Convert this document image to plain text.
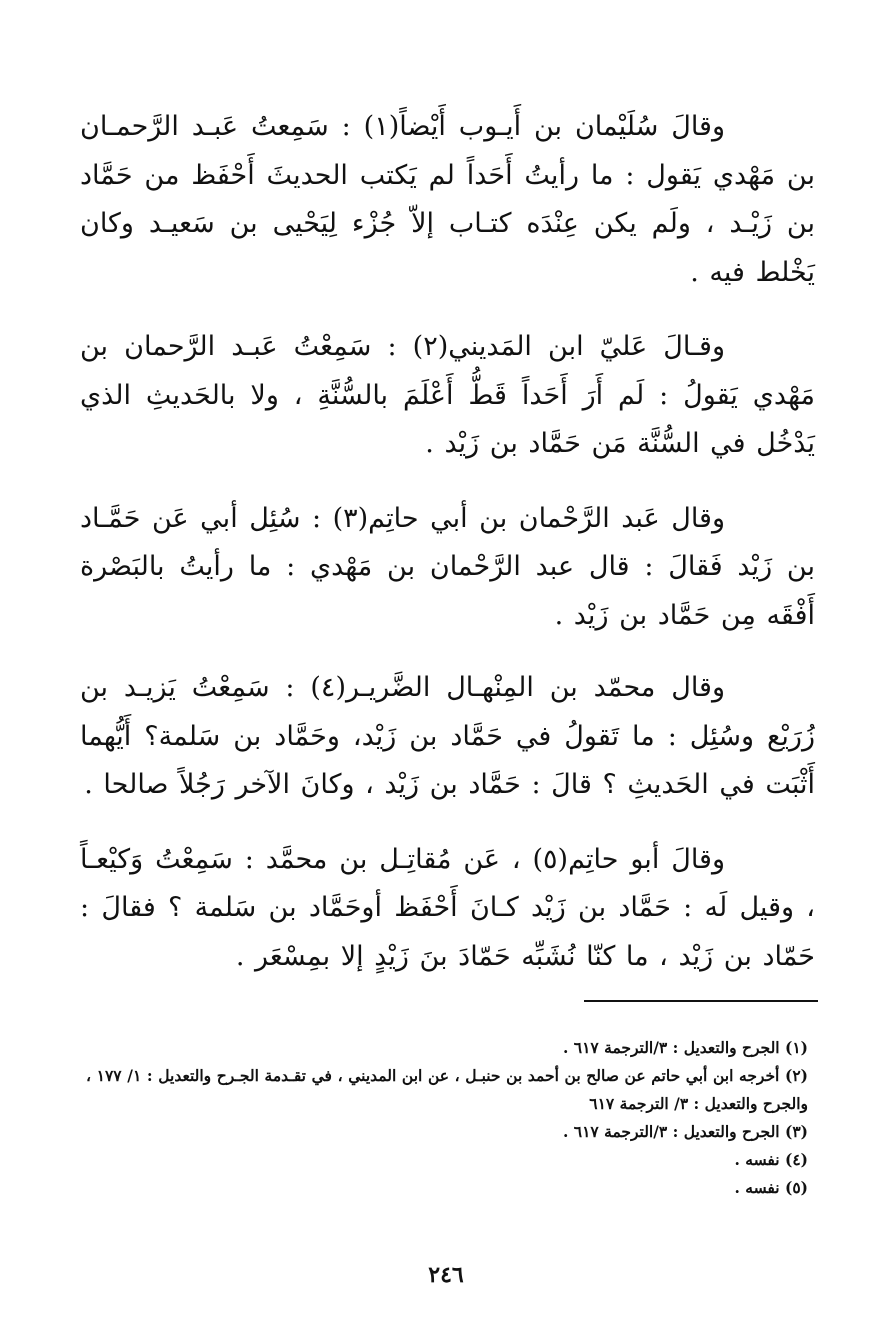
وقالَ سُلَيْمان بن أَيـوب أَيْضاً(١) : سَمِعتُ عَبـد الرَّحمـان بن مَهْدي يَقول : ما رأيتُ أَحَداً لم يَكتب الحديثَ أَحْفَظ من حَمَّاد بن زَيْـد ، ولَم يكن عِنْدَه كتـاب إلاّ جُزْء لِيَحْيى بن سَعيـد وكان يَخْلط فيه .

وقـالَ عَليّ ابن المَديني(٢) : سَمِعْتُ عَبـد الرَّحمان بن مَهْدي يَقولُ : لَم أَرَ أَحَداً قَطُّ أَعْلَمَ بالسُّنَّةِ ، ولا بالحَديثِ الذي يَدْخُل في السُّنَّة مَن حَمَّاد بن زَيْد .

وقال عَبد الرَّحْمان بن أبي حاتِم(٣) : سُئِل أبي عَن حَمَّـاد بن زَيْد فَقالَ : قال عبد الرَّحْمان بن مَهْدي : ما رأيتُ بالبَصْرة أَفْقَه مِن حَمَّاد بن زَيْد .

وقال محمّد بن المِنْهـال الضَّريـر(٤) : سَمِعْتُ يَزيـد بن زُرَيْع وسُئِل : ما تَقولُ في حَمَّاد بن زَيْد، وحَمَّاد بن سَلمة؟ أَيُّهما أَثْبَت في الحَديثِ ؟ قالَ : حَمَّاد بن زَيْد ، وكانَ الآخر رَجُلاً صالحا .

وقالَ أبو حاتِم(٥) ، عَن مُقاتِـل بن محمَّد : سَمِعْتُ وَكيْعـاً ، وقيل لَه : حَمَّاد بن زَيْد كـانَ أَحْفَظ أوحَمَّاد بن سَلمة ؟ فقالَ : حَمّاد بن زَيْد ، ما كنّا نُشَبِّه حَمّادَ بنَ زَيْدٍ إلا بمِسْعَر .

(١) الجرح والتعديل : ٣/الترجمة ٦١٧ .

(٢) أخرجه ابن أبي حاتم عن صالح بن أحمد بن حنبـل ، عن ابن المديني ، في تقـدمة الجـرح والتعديل : ١/ ١٧٧ ، والجرح والتعديل : ٣/ الترجمة ٦١٧

(٣) الجرح والتعديل : ٣/الترجمة ٦١٧ .

(٤) نفسه .

(٥) نفسه .

٢٤٦
